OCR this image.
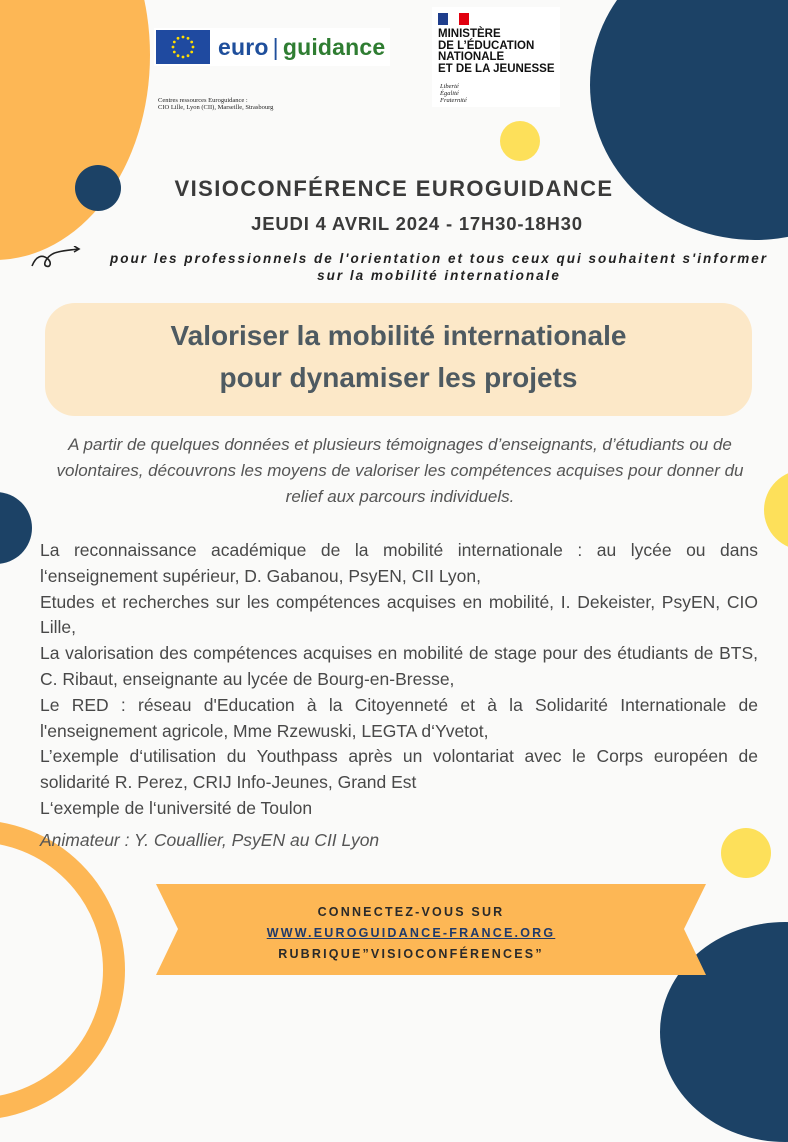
euro | guidance
Centres ressources Euroguidance :
CIO Lille, Lyon (CII), Marseille, Strasbourg
MINISTÈRE
DE L’ÉDUCATION
NATIONALE
ET DE LA JEUNESSE
Liberté
Égalité
Fraternité
VISIOCONFÉRENCE EUROGUIDANCE
JEUDI 4 AVRIL 2024 - 17H30-18H30
pour les professionnels de l'orientation et tous ceux qui souhaitent s'informer sur la mobilité internationale
Valoriser la mobilité internationale
pour dynamiser les projets
A partir de quelques données et plusieurs témoignages d’enseignants, d’étudiants ou de volontaires, découvrons les moyens de valoriser les compétences acquises pour donner du relief aux parcours individuels.
La reconnaissance académique de la mobilité internationale : au lycée ou dans l‘enseignement supérieur, D. Gabanou, PsyEN, CII Lyon,
Etudes et recherches sur les compétences acquises en mobilité, I. Dekeister, PsyEN, CIO Lille,
La valorisation des compétences acquises en mobilité de stage pour des étudiants de BTS, C. Ribaut, enseignante au lycée de Bourg-en-Bresse,
Le RED : réseau d'Education à la Citoyenneté et à la Solidarité Internationale de l'enseignement agricole, Mme Rzewuski, LEGTA d‘Yvetot,
L’exemple d‘utilisation du Youthpass après un volontariat avec le Corps européen de solidarité R. Perez, CRIJ Info-Jeunes, Grand Est
L‘exemple de l‘université de Toulon
Animateur : Y. Couallier, PsyEN au CII Lyon
CONNECTEZ-VOUS SUR
WWW.EUROGUIDANCE-FRANCE.ORG
RUBRIQUE”VISIOCONFÉRENCES”
